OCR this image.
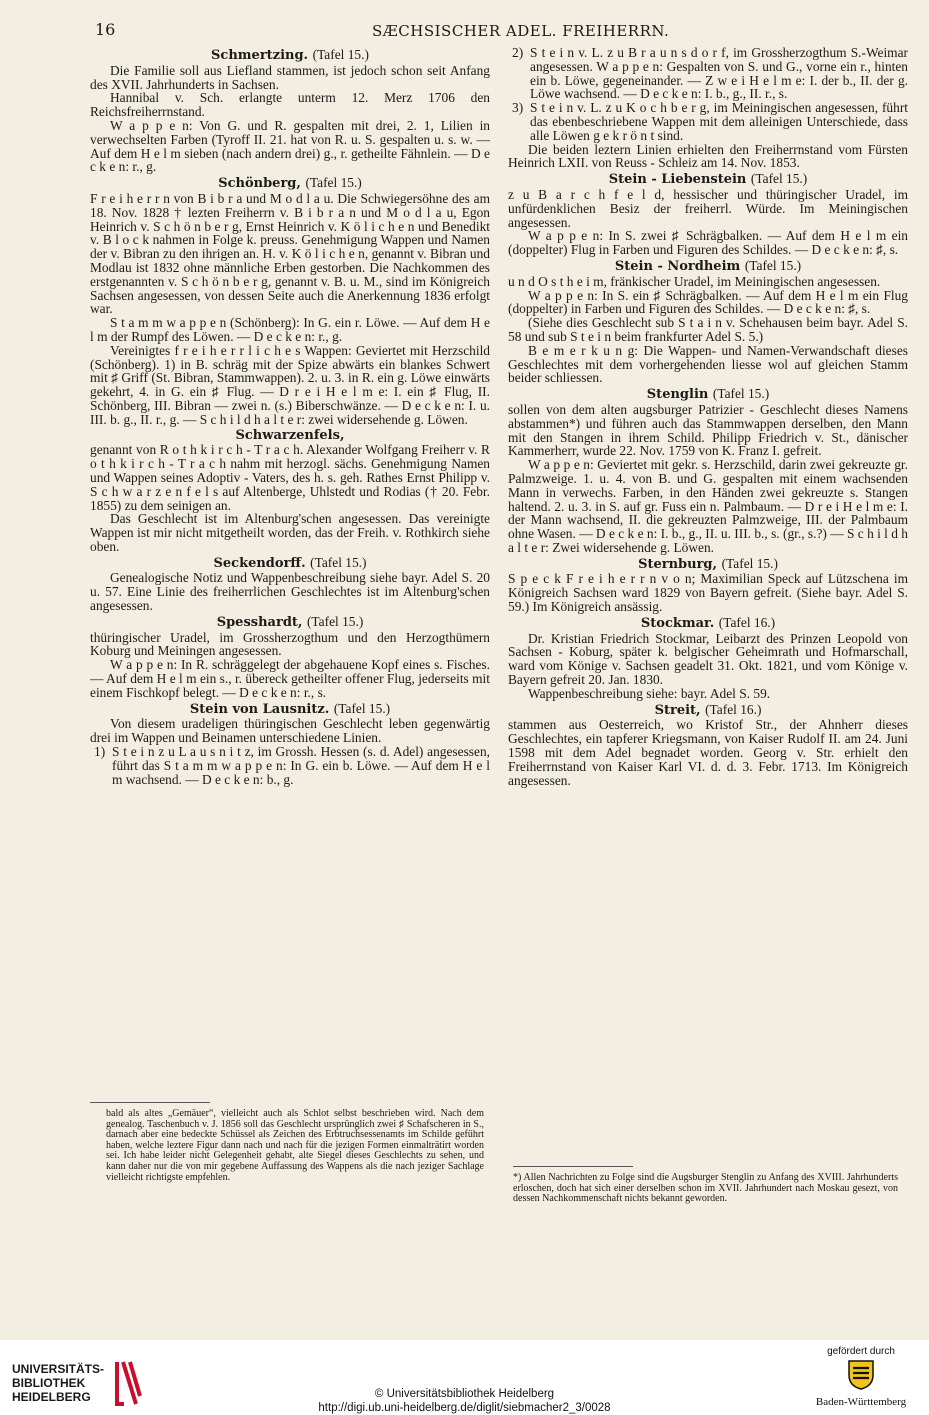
16	SÆCHSISCHER ADEL. FREIHERRN.
Schmertzing. (Tafel 15.)

Die Familie soll aus Liefland stammen, ist jedoch schon seit Anfang des XVII. Jahrhunderts in Sachsen.

Hannibal v. Sch. erlangte unterm 12. Merz 1706 den Reichsfreiherrnstand.

W a p p e n: Von G. und R. gespalten mit drei, 2. 1, Lilien in verwechselten Farben (Tyroff II. 21. hat von R. u. S. gespalten u. s. w. — Auf dem H e l m sieben (nach andern drei) g., r. getheilte Fähnlein. — D e c k e n: r., g.

Schönberg, (Tafel 15.)

F r e i h e r r n von B i b r a und M o d l a u. Die Schwiegersöhne des am 18. Nov. 1828 † lezten Freiherrn v. B i b r a n und M o d l a u, Egon Heinrich v. S c h ö n b e r g, Ernst Heinrich v. K ö l i c h e n und Benedikt v. B l o c k nahmen in Folge k. preuss. Genehmigung Wappen und Namen der v. Bibran zu den ihrigen an. H. v. K ö l i c h e n, genannt v. Bibran und Modlau ist 1832 ohne männliche Erben gestorben. Die Nachkommen des erstgenannten v. S c h ö n b e r g, genannt v. B. u. M., sind im Königreich Sachsen angesessen, von dessen Seite auch die Anerkennung 1836 erfolgt war.

S t a m m w a p p e n (Schönberg): In G. ein r. Löwe. — Auf dem H e l m der Rumpf des Löwen. — D e c k e n: r., g.

Vereinigtes f r e i h e r r l i c h e s Wappen: Geviertet mit Herzschild (Schönberg). 1) in B. schräg mit der Spize abwärts ein blankes Schwert mit ♯ Griff (St. Bibran, Stammwappen). 2. u. 3. in R. ein g. Löwe einwärts gekehrt, 4. in G. ein ♯ Flug. — D r e i H e l m e: I. ein ♯ Flug, II. Schönberg, III. Bibran — zwei n. (s.) Biberschwänze. — D e c k e n: I. u. III. b. g., II. r., g. — S c h i l d h a l t e r: zwei widersehende g. Löwen.

Schwarzenfels,

genannt von R o t h k i r c h - T r a c h. Alexander Wolfgang Freiherr v. R o t h k i r c h - T r a c h nahm mit herzogl. sächs. Genehmigung Namen und Wappen seines Adoptiv - Vaters, des h. s. geh. Rathes Ernst Philipp v. S c h w a r z e n f e l s auf Altenberge, Uhlstedt und Rodias († 20. Febr. 1855) zu dem seinigen an.

Das Geschlecht ist im Altenburg'schen angesessen. Das vereinigte Wappen ist mir nicht mitgetheilt worden, das der Freih. v. Rothkirch siehe oben.

Seckendorff. (Tafel 15.)

Genealogische Notiz und Wappenbeschreibung siehe bayr. Adel S. 20 u. 57. Eine Linie des freiherrlichen Geschlechtes ist im Altenburg'schen angesessen.

Spesshardt, (Tafel 15.)

thüringischer Uradel, im Grossherzogthum und den Herzogthümern Koburg und Meiningen angesessen.

W a p p e n: In R. schräggelegt der abgehauene Kopf eines s. Fisches. — Auf dem H e l m ein s., r. übereck getheilter offener Flug, jederseits mit einem Fischkopf belegt. — D e c k e n: r., s.

Stein von Lausnitz. (Tafel 15.)

Von diesem uradeligen thüringischen Geschlecht leben gegenwärtig drei im Wappen und Beinamen unterschiedene Linien.

1) S t e i n z u L a u s n i t z, im Grossh. Hessen (s. d. Adel) angesessen, führt das S t a m m w a p p e n: In G. ein b. Löwe. — Auf dem H e l m wachsend. — D e c k e n: b., g.

2) S t e i n v. L. z u B r a u n s d o r f, im Grossherzogthum S.-Weimar angesessen. W a p p e n: Gespalten von S. und G., vorne ein r., hinten ein b. Löwe, gegeneinander. — Z w e i H e l m e: I. der b., II. der g. Löwe wachsend. — D e c k e n: I. b., g., II. r., s.

3) S t e i n v. L. z u K o c h b e r g, im Meiningischen angesessen, führt das ebenbeschriebene Wappen mit dem alleinigen Unterschiede, dass alle Löwen g e k r ö n t sind.

Die beiden leztern Linien erhielten den Freiherrnstand vom Fürsten Heinrich LXII. von Reuss - Schleiz am 14. Nov. 1853.

Stein - Liebenstein (Tafel 15.)

z u B a r c h f e l d, hessischer und thüringischer Uradel, im unfürdenklichen Besiz der freiherrl. Würde. Im Meiningischen angesessen.

W a p p e n: In S. zwei ♯ Schrägbalken. — Auf dem H e l m ein (doppelter) Flug in Farben und Figuren des Schildes. — D e c k e n: ♯, s.

Stein - Nordheim (Tafel 15.)

u n d O s t h e i m, fränkischer Uradel, im Meiningischen angesessen.

W a p p e n: In S. ein ♯ Schrägbalken. — Auf dem H e l m ein Flug (doppelter) in Farben und Figuren des Schildes. — D e c k e n: ♯, s.

(Siehe dies Geschlecht sub S t a i n v. Schehausen beim bayr. Adel S. 58 und sub S t e i n beim frankfurter Adel S. 5.)

B e m e r k u n g: Die Wappen- und Namen-Verwandschaft dieses Geschlechtes mit dem vorhergehenden liesse wol auf gleichen Stamm beider schliessen.

Stenglin (Tafel 15.)

sollen von dem alten augsburger Patrizier - Geschlecht dieses Namens abstammen*) und führen auch das Stammwappen derselben, den Mann mit den Stangen in ihrem Schild. Philipp Friedrich v. St., dänischer Kammerherr, wurde 22. Nov. 1759 von K. Franz I. gefreit.

W a p p e n: Geviertet mit gekr. s. Herzschild, darin zwei gekreuzte gr. Palmzweige. 1. u. 4. von B. und G. gespalten mit einem wachsenden Mann in verwechs. Farben, in den Händen zwei gekreuzte s. Stangen haltend. 2. u. 3. in S. auf gr. Fuss ein n. Palmbaum. — D r e i H e l m e: I. der Mann wachsend, II. die gekreuzten Palmzweige, III. der Palmbaum ohne Wasen. — D e c k e n: I. b., g., II. u. III. b., s. (gr., s.?) — S c h i l d h a l t e r: Zwei widersehende g. Löwen.

Sternburg, (Tafel 15.)

S p e c k F r e i h e r r n v o n; Maximilian Speck auf Lützschena im Königreich Sachsen ward 1829 von Bayern gefreit. (Siehe bayr. Adel S. 59.) Im Königreich ansässig.

Stockmar. (Tafel 16.)

Dr. Kristian Friedrich Stockmar, Leibarzt des Prinzen Leopold von Sachsen - Koburg, später k. belgischer Geheimrath und Hofmarschall, ward vom Könige v. Sachsen geadelt 31. Okt. 1821, und vom Könige v. Bayern gefreit 20. Jan. 1830.

Wappenbeschreibung siehe: bayr. Adel S. 59.

Streit, (Tafel 16.)

stammen aus Oesterreich, wo Kristof Str., der Ahnherr dieses Geschlechtes, ein tapferer Kriegsmann, von Kaiser Rudolf II. am 24. Juni 1598 mit dem Adel begnadet worden. Georg v. Str. erhielt den Freiherrnstand von Kaiser Karl VI. d. d. 3. Febr. 1713. Im Königreich angesessen.

bald als altes „Gemäuer“, vielleicht auch als Schlot selbst beschrieben wird. Nach dem genealog. Taschenbuch v. J. 1856 soll das Geschlecht ursprünglich zwei ♯ Schafscheren in S., darnach aber eine bedeckte Schüssel als Zeichen des Erbtruchsessenamts im Schilde geführt haben, welche leztere Figur dann nach und nach für die jezigen Formen einmalträtirt worden sei. Ich habe leider nicht Gelegenheit gehabt, alte Siegel dieses Geschlechts zu sehen, und kann daher nur die von mir gegebene Auffassung des Wappens als die nach jeziger Sachlage vielleicht richtigste empfehlen.	*) Allen Nachrichten zu Folge sind die Augsburger Stenglin zu Anfang des XVIII. Jahrhunderts erloschen, doch hat sich einer derselben schon im XVII. Jahrhundert nach Moskau gesezt, von dessen Nachkommenschaft nichts bekannt geworden.
UNIVERSITÄTS-
BIBLIOTHEK
HEIDELBERG	© Universitätsbibliothek Heidelberg
http://digi.ub.uni-heidelberg.de/diglit/siebmacher2_3/0028
gefördert durch
Baden-Württemberg
